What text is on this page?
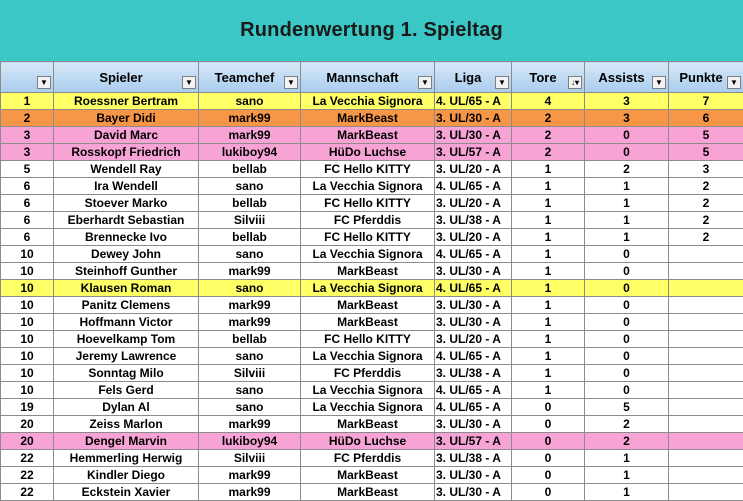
Rundenwertung 1. Spieltag
▼	Spieler ▼	Teamchef ▼	Mannschaft ▼	Liga ▼	Tore ↓▾	Assists ▼	Punkte ▼

1	Roessner Bertram	sano	La Vecchia Signora	4. UL/65 - A	4	3	7
2	Bayer Didi	mark99	MarkBeast	3. UL/30 - A	2	3	6
3	David Marc	mark99	MarkBeast	3. UL/30 - A	2	0	5
3	Rosskopf Friedrich	lukiboy94	HüDo Luchse	3. UL/57 - A	2	0	5
5	Wendell Ray	bellab	FC Hello KITTY	3. UL/20 - A	1	2	3
6	Ira Wendell	sano	La Vecchia Signora	4. UL/65 - A	1	1	2
6	Stoever Marko	bellab	FC Hello KITTY	3. UL/20 - A	1	1	2
6	Eberhardt Sebastian	Silviii	FC Pferddis	3. UL/38 - A	1	1	2
6	Brennecke Ivo	bellab	FC Hello KITTY	3. UL/20 - A	1	1	2
10	Dewey John	sano	La Vecchia Signora	4. UL/65 - A	1	0	
10	Steinhoff Gunther	mark99	MarkBeast	3. UL/30 - A	1	0	
10	Klausen Roman	sano	La Vecchia Signora	4. UL/65 - A	1	0	
10	Panitz Clemens	mark99	MarkBeast	3. UL/30 - A	1	0	
10	Hoffmann Victor	mark99	MarkBeast	3. UL/30 - A	1	0	
10	Hoevelkamp Tom	bellab	FC Hello KITTY	3. UL/20 - A	1	0	
10	Jeremy Lawrence	sano	La Vecchia Signora	4. UL/65 - A	1	0	
10	Sonntag Milo	Silviii	FC Pferddis	3. UL/38 - A	1	0	
10	Fels Gerd	sano	La Vecchia Signora	4. UL/65 - A	1	0	
19	Dylan Al	sano	La Vecchia Signora	4. UL/65 - A	0	5	
20	Zeiss Marlon	mark99	MarkBeast	3. UL/30 - A	0	2	
20	Dengel Marvin	lukiboy94	HüDo Luchse	3. UL/57 - A	0	2	
22	Hemmerling Herwig	Silviii	FC Pferddis	3. UL/38 - A	0	1	
22	Kindler Diego	mark99	MarkBeast	3. UL/30 - A	0	1	
22	Eckstein Xavier	mark99	MarkBeast	3. UL/30 - A	0	1	
